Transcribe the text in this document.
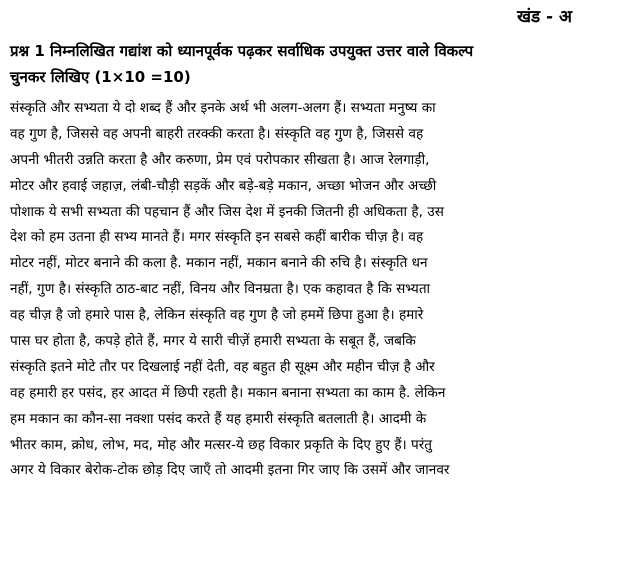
खंड - अ
प्रश्न 1 निम्नलिखित गद्यांश को ध्यानपूर्वक पढ़कर सर्वाधिक उपयुक्त उत्तर वाले विकल्प
चुनकर लिखिए (1×10 =10)
संस्कृति और सभ्यता ये दो शब्द हैं और इनके अर्थ भी अलग-अलग हैं। सभ्यता मनुष्य का
वह गुण है, जिससे वह अपनी बाहरी तरक्की करता है। संस्कृति वह गुण है, जिससे वह
अपनी भीतरी उन्नति करता है और करुणा, प्रेम एवं परोपकार सीखता है। आज रेलगाड़ी,
मोटर और हवाई जहाज़, लंबी-चौड़ी सड़कें और बड़े-बड़े मकान, अच्छा भोजन और अच्छी
पोशाक ये सभी सभ्यता की पहचान हैं और जिस देश में इनकी जितनी ही अधिकता है, उस
देश को हम उतना ही सभ्य मानते हैं। मगर संस्कृति इन सबसे कहीं बारीक चीज़ है। वह
मोटर नहीं, मोटर बनाने की कला है. मकान नहीं, मकान बनाने की रुचि है। संस्कृति धन
नहीं, गुण है। संस्कृति ठाठ-बाट नहीं, विनय और विनम्रता है। एक कहावत है कि सभ्यता
वह चीज़ है जो हमारे पास है, लेकिन संस्कृति वह गुण है जो हममें छिपा हुआ है। हमारे
पास घर होता है, कपड़े होते हैं, मगर ये सारी चीज़ें हमारी सभ्यता के सबूत हैं, जबकि
संस्कृति इतने मोटे तौर पर दिखलाई नहीं देती, वह बहुत ही सूक्ष्म और महीन चीज़ है और
वह हमारी हर पसंद, हर आदत में छिपी रहती है। मकान बनाना सभ्यता का काम है. लेकिन
हम मकान का कौन-सा नक्शा पसंद करते हैं यह हमारी संस्कृति बतलाती है। आदमी के
भीतर काम, क्रोध, लोभ, मद, मोह और मत्सर-ये छह विकार प्रकृति के दिए हुए हैं। परंतु
अगर ये विकार बेरोक-टोक छोड़ दिए जाएँ तो आदमी इतना गिर जाए कि उसमें और जानवर
